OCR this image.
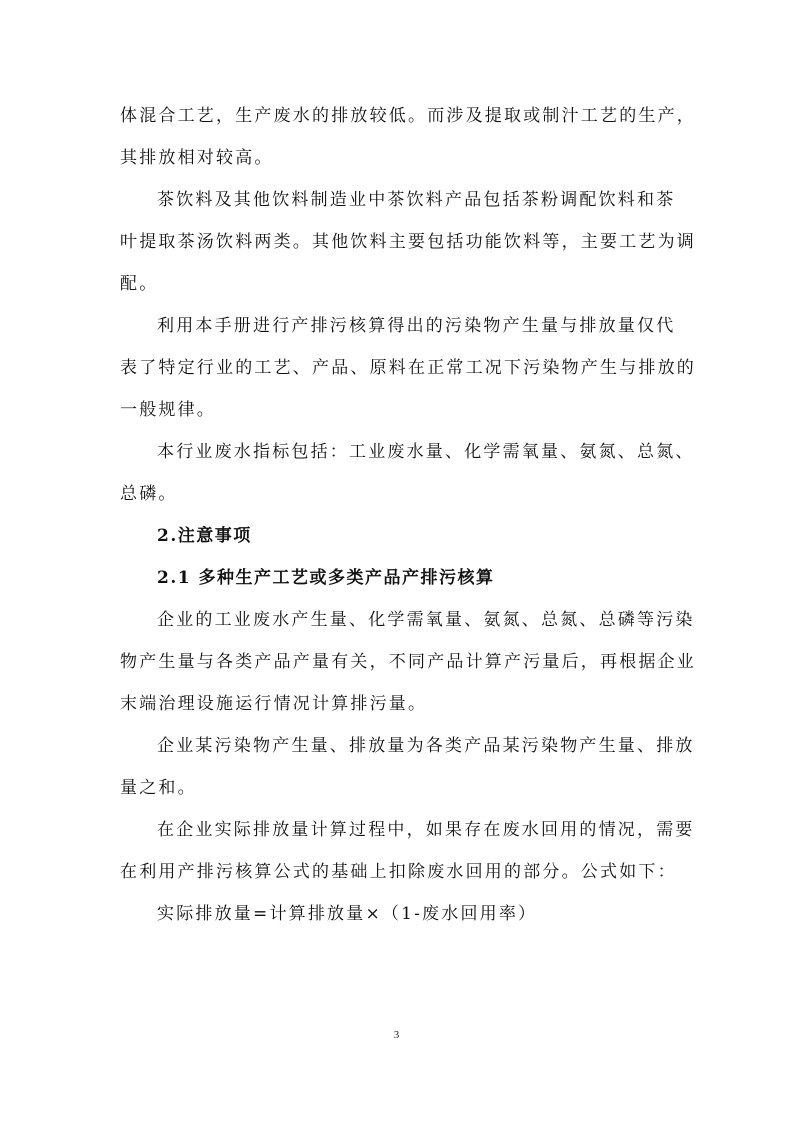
体混合工艺，生产废水的排放较低。而涉及提取或制汁工艺的生产，
其排放相对较高。
茶饮料及其他饮料制造业中茶饮料产品包括茶粉调配饮料和茶
叶提取茶汤饮料两类。其他饮料主要包括功能饮料等，主要工艺为调
配。
利用本手册进行产排污核算得出的污染物产生量与排放量仅代
表了特定行业的工艺、产品、原料在正常工况下污染物产生与排放的
一般规律。
本行业废水指标包括：工业废水量、化学需氧量、氨氮、总氮、
总磷。
2.注意事项
2.1 多种生产工艺或多类产品产排污核算
企业的工业废水产生量、化学需氧量、氨氮、总氮、总磷等污染
物产生量与各类产品产量有关，不同产品计算产污量后，再根据企业
末端治理设施运行情况计算排污量。
企业某污染物产生量、排放量为各类产品某污染物产生量、排放
量之和。
在企业实际排放量计算过程中，如果存在废水回用的情况，需要
在利用产排污核算公式的基础上扣除废水回用的部分。公式如下：
实际排放量=计算排放量×（1-废水回用率）
3
